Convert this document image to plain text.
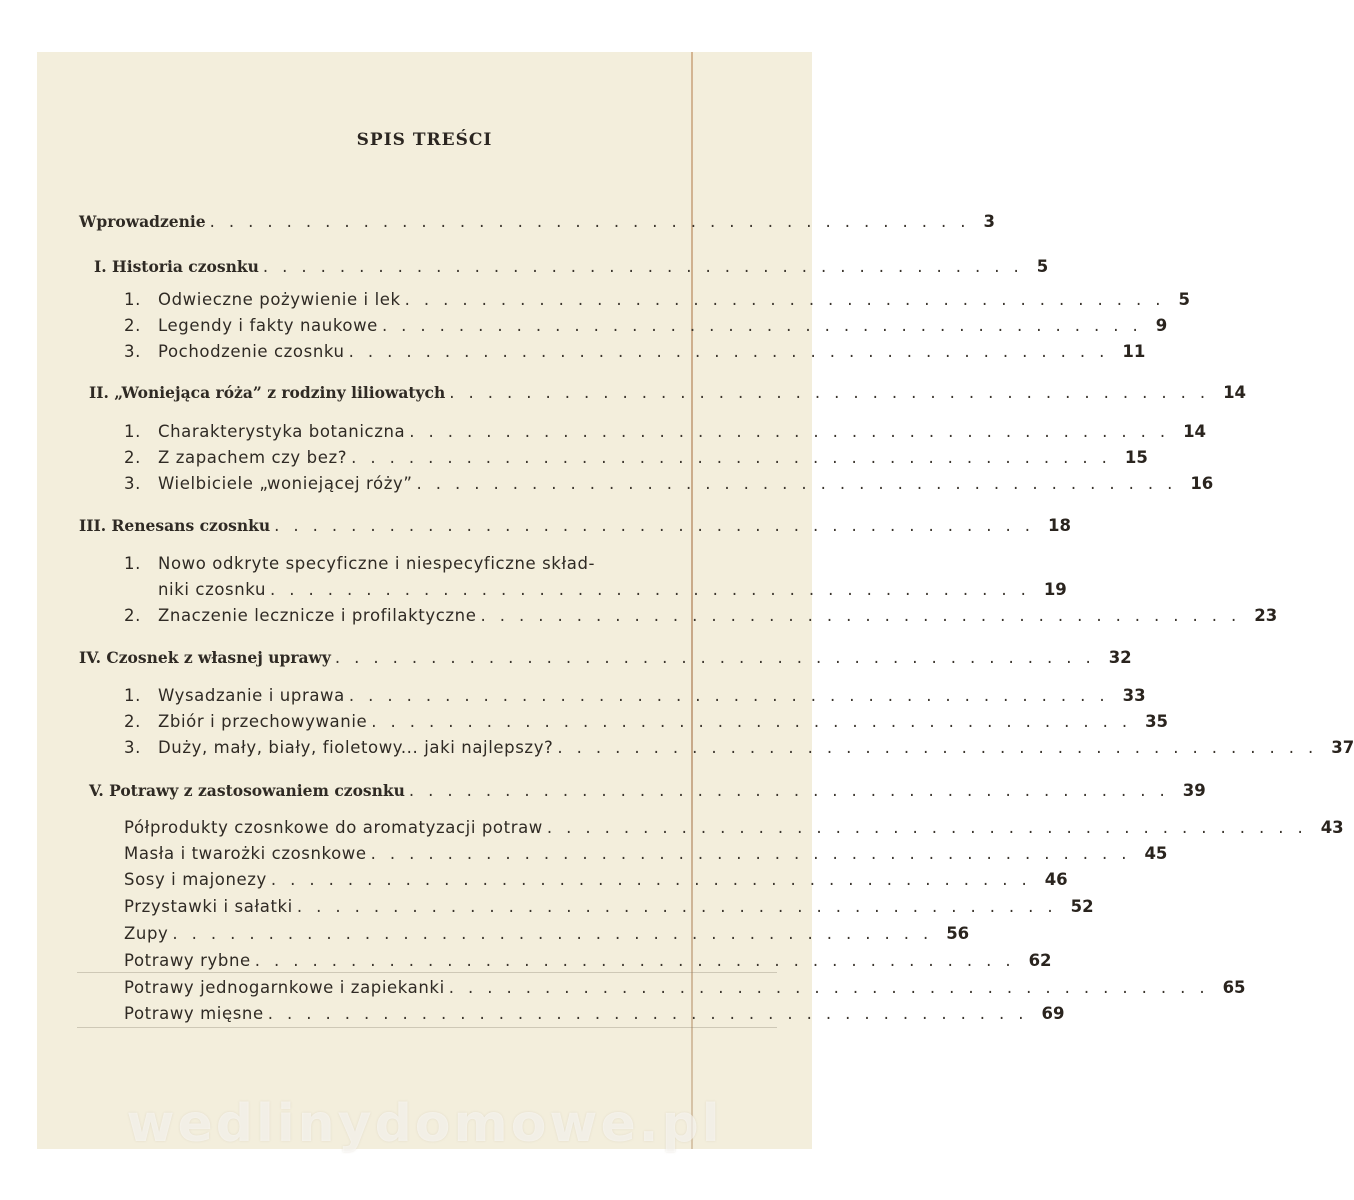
SPIS TREŚCI
Wprowadzenie ........................................ 3
I. Historia czosnku ........................................ 5
1. Odwieczne pożywienie i lek ........................................ 5
2. Legendy i fakty naukowe ........................................ 9
3. Pochodzenie czosnku ........................................ 11
II. „Woniejąca róża” z rodziny liliowatych ........................................ 14
1. Charakterystyka botaniczna ........................................ 14
2. Z zapachem czy bez? ........................................ 15
3. Wielbiciele „woniejącej róży” ........................................ 16
III. Renesans czosnku ........................................ 18
1. Nowo odkryte specyficzne i niespecyficzne skład-
niki czosnku ........................................ 19
2. Znaczenie lecznicze i profilaktyczne ........................................ 23
IV. Czosnek z własnej uprawy ........................................ 32
1. Wysadzanie i uprawa ........................................ 33
2. Zbiór i przechowywanie ........................................ 35
3. Duży, mały, biały, fioletowy... jaki najlepszy? ........................................ 37
V. Potrawy z zastosowaniem czosnku ........................................ 39
Półprodukty czosnkowe do aromatyzacji potraw ........................................ 43
Masła i twarożki czosnkowe ........................................ 45
Sosy i majonezy ........................................ 46
Przystawki i sałatki ........................................ 52
Zupy ........................................ 56
Potrawy rybne ........................................ 62
Potrawy jednogarnkowe i zapiekanki ........................................ 65
Potrawy mięsne ........................................ 69
wedlinydomowe.pl
